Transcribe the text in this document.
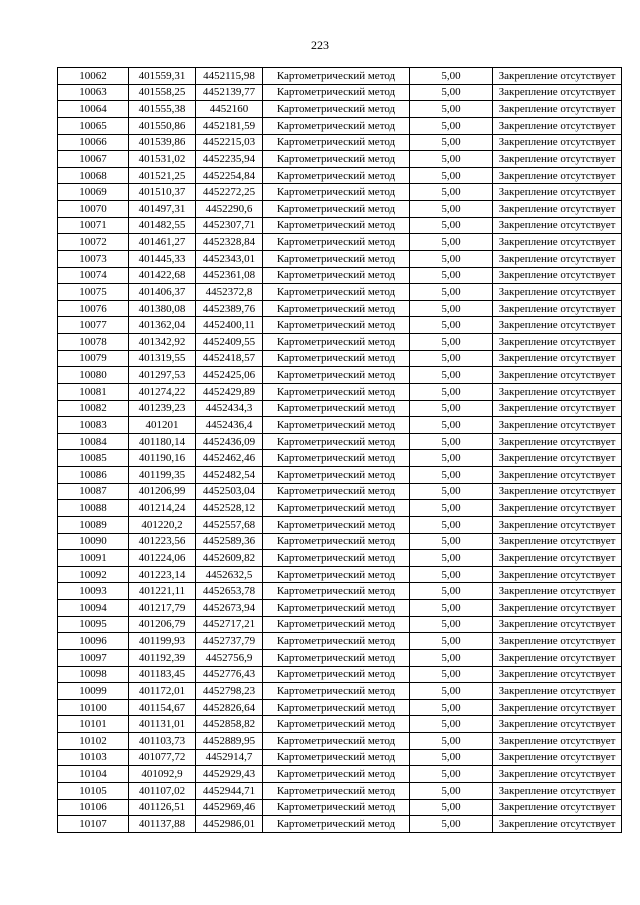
223
10062	401559,31	4452115,98	Картометрический метод	5,00	Закрепление отсутствует
10063	401558,25	4452139,77	Картометрический метод	5,00	Закрепление отсутствует
10064	401555,38	4452160	Картометрический метод	5,00	Закрепление отсутствует
10065	401550,86	4452181,59	Картометрический метод	5,00	Закрепление отсутствует
10066	401539,86	4452215,03	Картометрический метод	5,00	Закрепление отсутствует
10067	401531,02	4452235,94	Картометрический метод	5,00	Закрепление отсутствует
10068	401521,25	4452254,84	Картометрический метод	5,00	Закрепление отсутствует
10069	401510,37	4452272,25	Картометрический метод	5,00	Закрепление отсутствует
10070	401497,31	4452290,6	Картометрический метод	5,00	Закрепление отсутствует
10071	401482,55	4452307,71	Картометрический метод	5,00	Закрепление отсутствует
10072	401461,27	4452328,84	Картометрический метод	5,00	Закрепление отсутствует
10073	401445,33	4452343,01	Картометрический метод	5,00	Закрепление отсутствует
10074	401422,68	4452361,08	Картометрический метод	5,00	Закрепление отсутствует
10075	401406,37	4452372,8	Картометрический метод	5,00	Закрепление отсутствует
10076	401380,08	4452389,76	Картометрический метод	5,00	Закрепление отсутствует
10077	401362,04	4452400,11	Картометрический метод	5,00	Закрепление отсутствует
10078	401342,92	4452409,55	Картометрический метод	5,00	Закрепление отсутствует
10079	401319,55	4452418,57	Картометрический метод	5,00	Закрепление отсутствует
10080	401297,53	4452425,06	Картометрический метод	5,00	Закрепление отсутствует
10081	401274,22	4452429,89	Картометрический метод	5,00	Закрепление отсутствует
10082	401239,23	4452434,3	Картометрический метод	5,00	Закрепление отсутствует
10083	401201	4452436,4	Картометрический метод	5,00	Закрепление отсутствует
10084	401180,14	4452436,09	Картометрический метод	5,00	Закрепление отсутствует
10085	401190,16	4452462,46	Картометрический метод	5,00	Закрепление отсутствует
10086	401199,35	4452482,54	Картометрический метод	5,00	Закрепление отсутствует
10087	401206,99	4452503,04	Картометрический метод	5,00	Закрепление отсутствует
10088	401214,24	4452528,12	Картометрический метод	5,00	Закрепление отсутствует
10089	401220,2	4452557,68	Картометрический метод	5,00	Закрепление отсутствует
10090	401223,56	4452589,36	Картометрический метод	5,00	Закрепление отсутствует
10091	401224,06	4452609,82	Картометрический метод	5,00	Закрепление отсутствует
10092	401223,14	4452632,5	Картометрический метод	5,00	Закрепление отсутствует
10093	401221,11	4452653,78	Картометрический метод	5,00	Закрепление отсутствует
10094	401217,79	4452673,94	Картометрический метод	5,00	Закрепление отсутствует
10095	401206,79	4452717,21	Картометрический метод	5,00	Закрепление отсутствует
10096	401199,93	4452737,79	Картометрический метод	5,00	Закрепление отсутствует
10097	401192,39	4452756,9	Картометрический метод	5,00	Закрепление отсутствует
10098	401183,45	4452776,43	Картометрический метод	5,00	Закрепление отсутствует
10099	401172,01	4452798,23	Картометрический метод	5,00	Закрепление отсутствует
10100	401154,67	4452826,64	Картометрический метод	5,00	Закрепление отсутствует
10101	401131,01	4452858,82	Картометрический метод	5,00	Закрепление отсутствует
10102	401103,73	4452889,95	Картометрический метод	5,00	Закрепление отсутствует
10103	401077,72	4452914,7	Картометрический метод	5,00	Закрепление отсутствует
10104	401092,9	4452929,43	Картометрический метод	5,00	Закрепление отсутствует
10105	401107,02	4452944,71	Картометрический метод	5,00	Закрепление отсутствует
10106	401126,51	4452969,46	Картометрический метод	5,00	Закрепление отсутствует
10107	401137,88	4452986,01	Картометрический метод	5,00	Закрепление отсутствует
